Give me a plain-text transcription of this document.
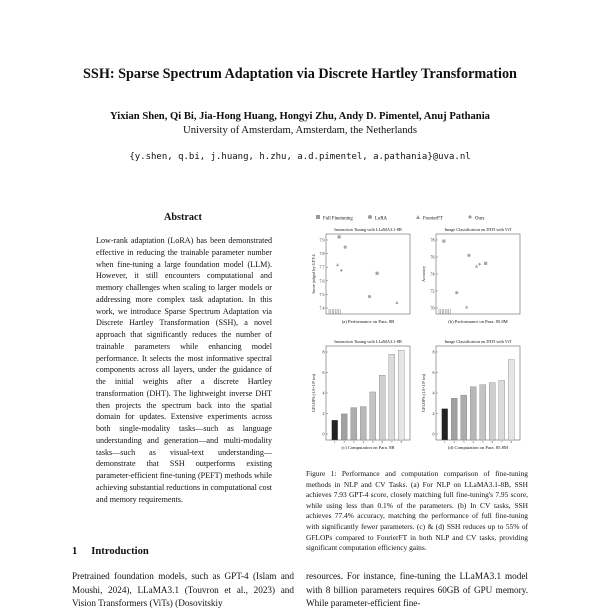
SSH: Sparse Spectrum Adaptation via Discrete Hartley Transformation
Yixian Shen, Qi Bi, Jia-Hong Huang, Hongyi Zhu, Andy D. Pimentel, Anuj Pathania
University of Amsterdam, Amsterdam, the Netherlands
{y.shen, q.bi, j.huang, h.zhu, a.d.pimentel, a.pathania}@uva.nl
Abstract
Low-rank adaptation (LoRA) has been demonstrated effective in reducing the trainable parameter number when fine-tuning a large foundation model (LLM). However, it still encounters computational and memory challenges when scaling to larger models or addressing more complex task adaptation. In this work, we introduce Sparse Spectrum Adaptation via Discrete Hartley Transformation (SSH), a novel approach that significantly reduces the number of trainable parameters while enhancing model performance. It selects the most informative spectral components across all layers, under the guidance of the initial weights after a discrete Hartley transformation (DHT). The lightweight inverse DHT then projects the spectrum back into the spatial domain for updates. Extensive experiments across both single-modality tasks—such as language understanding and generation—and multi-modality tasks—such as visual-text understanding—demonstrate that SSH outperforms existing parameter-efficient fine-tuning (PEFT) methods while achieving substantial reductions in computational cost and memory requirements.
1 Introduction
Pretrained foundation models, such as GPT-4 (Islam and Moushi, 2024), LLaMA3.1 (Touvron et al., 2023) and Vision Transformers (ViTs) (Dosovitskiy
resources. For instance, fine-tuning the LLaMA3.1 model with 8 billion parameters requires 60GB of GPU memory. While parameter-efficient fine-
Full Finetuning	LoRA	FourierFT	Ours
Instruction Tuning with LLaMA3.1-8B
Score judged by GPT-4
7.9
7.8
7.7
7.6
7.5
7.4
(a) Performance on Para. 8B
Image Classification on DTD with ViT
Accuracy
78
76
74
72
70
(b) Performance on Para. 85.8M
Instruction Tuning with LLaMA3.1-8B
GFLOPS (1.0×10¹ tm)
8
6
4
2
0
(c) Computation on Para. 8B
1	2	3	4	5	6	7	8
Image Classification on DTD with ViT
GFLOPS (1.0×10¹ tm)
8
6
4
2
0
(d) Computation on Para. 85.8M
1	2	3	4	5	6	7	8
Figure 1: Performance and computation comparison of fine-tuning methods in NLP and CV Tasks. (a) For NLP on LLaMA3.1-8B, SSH achieves 7.93 GPT-4 score, closely matching full fine-tuning's 7.95 score, while using less than 0.1% of the parameters. (b) In CV tasks, SSH achieves 77.4% accuracy, matching the performance of full fine-tuning with significantly fewer parameters. (c) & (d) SSH reduces up to 55% of GFLOPs compared to FourierFT in both NLP and CV tasks, providing significant computation efficiency gains.
